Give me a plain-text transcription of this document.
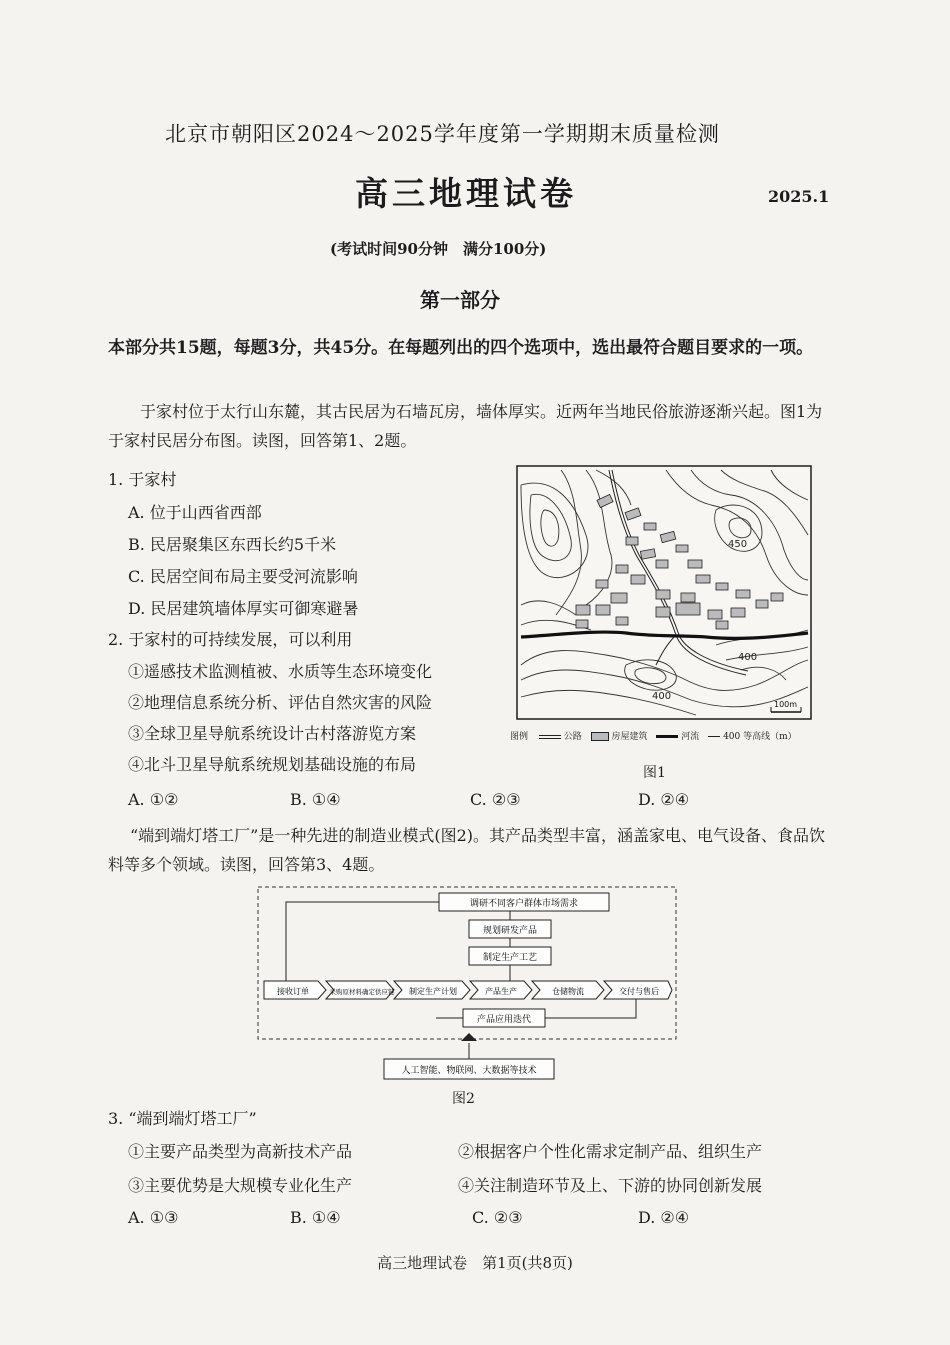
北京市朝阳区2024～2025学年度第一学期期末质量检测
高三地理试卷	2025.1
(考试时间90分钟　满分100分)
第一部分
本部分共15题，每题3分，共45分。在每题列出的四个选项中，选出最符合题目要求的一项。
于家村位于太行山东麓，其古民居为石墙瓦房，墙体厚实。近两年当地民俗旅游逐渐兴起。图1为于家村民居分布图。读图，回答第1、2题。
1. 于家村
A. 位于山西省西部
B. 民居聚集区东西长约5千米
C. 民居空间布局主要受河流影响
D. 民居建筑墙体厚实可御寒避暑
2. 于家村的可持续发展，可以利用
①遥感技术监测植被、水质等生态环境变化
②地理信息系统分析、评估自然灾害的风险
③全球卫星导航系统设计古村落游览方案
④北斗卫星导航系统规划基础设施的布局
A. ①②	B. ①④	C. ②③	D. ②④
450
400
400
100m
图例	公路	房屋建筑	河流	400 等高线（m）
图1
“端到端灯塔工厂”是一种先进的制造业模式(图2)。其产品类型丰富，涵盖家电、电气设备、食品饮料等多个领域。读图，回答第3、4题。
调研不同客户群体市场需求
规划研发产品
制定生产工艺
接收订单	采购原材料确定供应链 制定生产计划	产品生产	仓储物流	交付与售后
产品应用迭代
人工智能、物联网、大数据等技术
图2
3. “端到端灯塔工厂”
①主要产品类型为高新技术产品	②根据客户个性化需求定制产品、组织生产
③主要优势是大规模专业化生产	④关注制造环节及上、下游的协同创新发展
A. ①③	B. ①④	C. ②③	D. ②④
高三地理试卷　第1页(共8页)
